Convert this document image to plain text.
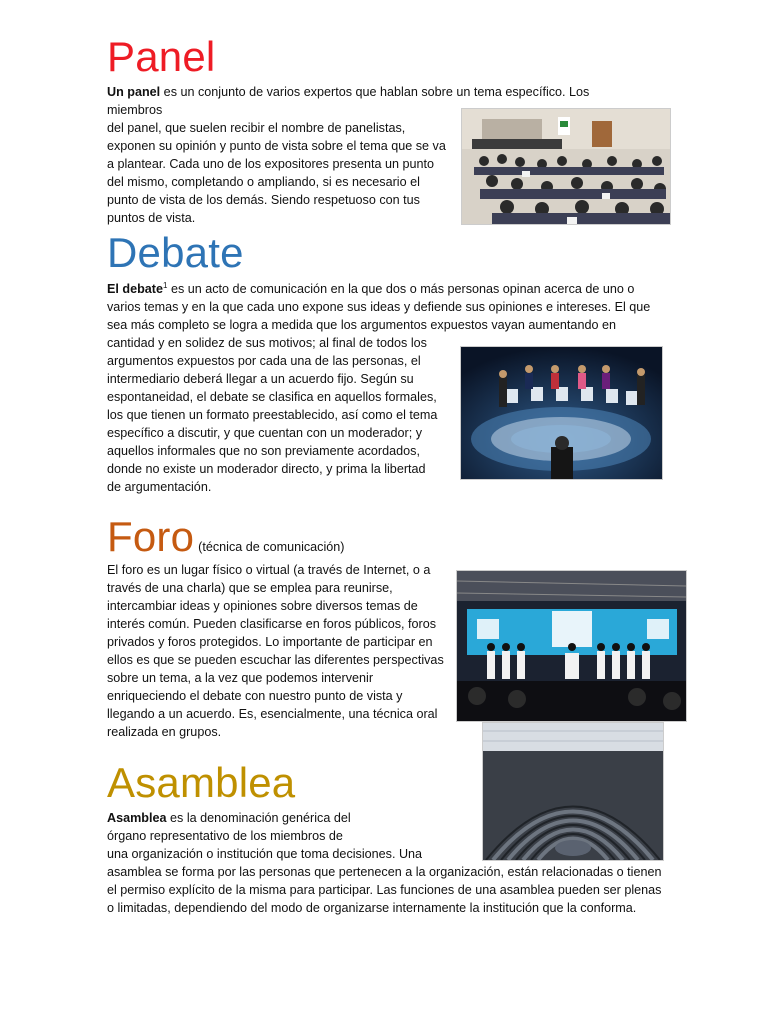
Panel
Un panel es un conjunto de varios expertos que hablan sobre un tema específico. Los miembros
del panel, que suelen recibir el nombre de panelistas,
exponen su opinión y punto de vista sobre el tema que se va
a plantear. Cada uno de los expositores presenta un punto
del mismo, completando o ampliando, si es necesario el
punto de vista de los demás. Siendo respetuoso con tus
puntos de vista.
Debate
El debate$^1$ es un acto de comunicación en la que dos o más personas opinan acerca de uno o
varios temas y en la que cada uno expone sus ideas y defiende sus opiniones e intereses. El que
sea más completo se logra a medida que los argumentos expuestos vayan aumentando en
cantidad y en solidez de sus motivos; al final de todos los
argumentos expuestos por cada una de las personas, el
intermediario deberá llegar a un acuerdo fijo. Según su
espontaneidad, el debate se clasifica en aquellos formales,
los que tienen un formato preestablecido, así como el tema
específico a discutir, y que cuentan con un moderador; y
aquellos informales que no son previamente acordados,
donde no existe un moderador directo, y prima la libertad
de argumentación.
Foro (técnica de comunicación)
El foro es un lugar físico o virtual (a través de Internet, o a
través de una charla) que se emplea para reunirse,
intercambiar ideas y opiniones sobre diversos temas de
interés común. Pueden clasificarse en foros públicos, foros
privados y foros protegidos. Lo importante de participar en
ellos es que se pueden escuchar las diferentes perspectivas
sobre un tema, a la vez que podemos intervenir
enriqueciendo el debate con nuestro punto de vista y
llegando a un acuerdo. Es, esencialmente, una técnica oral
realizada en grupos.
Asamblea
Asamblea es la denominación genérica del
órgano representativo de los miembros de
una organización o institución que toma decisiones. Una
asamblea se forma por las personas que pertenecen a la organización, están relacionadas o tienen
el permiso explícito de la misma para participar. Las funciones de una asamblea pueden ser plenas
o limitadas, dependiendo del modo de organizarse internamente la institución que la conforma.
